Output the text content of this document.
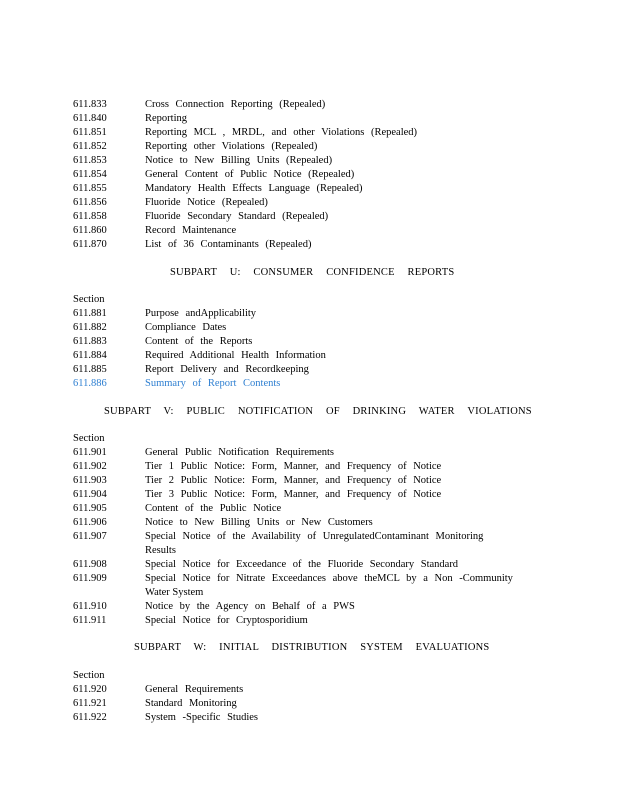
611.833	Cross Connection Reporting (Repealed)
611.840	Reporting
611.851	Reporting MCL , MRDL, and other Violations (Repealed)
611.852	Reporting other Violations (Repealed)
611.853	Notice to New Billing Units (Repealed)
611.854	General Content of Public Notice (Repealed)
611.855	Mandatory Health Effects Language (Repealed)
611.856	Fluoride Notice (Repealed)
611.858	Fluoride Secondary Standard (Repealed)
611.860	Record Maintenance
611.870	List of 36 Contaminants (Repealed)
SUBPART U: CONSUMER CONFIDENCE REPORTS
Section
611.881	Purpose andApplicability
611.882	Compliance Dates
611.883	Content of the Reports
611.884	Required Additional Health Information
611.885	Report Delivery and Recordkeeping
611.886	Summary of Report Contents
SUBPART V: PUBLIC NOTIFICATION OF DRINKING WATER VIOLATIONS
Section
611.901	General Public Notification Requirements
611.902	Tier 1 Public Notice: Form, Manner, and Frequency of Notice
611.903	Tier 2 Public Notice: Form, Manner, and Frequency of Notice
611.904	Tier 3 Public Notice: Form, Manner, and Frequency of Notice
611.905	Content of the Public Notice
611.906	Notice to New Billing Units or New Customers
611.907	Special Notice of the Availability of UnregulatedContaminant Monitoring
Results
611.908	Special Notice for Exceedance of the Fluoride Secondary Standard
611.909	Special Notice for Nitrate Exceedances above theMCL by a Non -Community
Water System
611.910	Notice by the Agency on Behalf of a PWS
611.911	Special Notice for Cryptosporidium
SUBPART W: INITIAL DISTRIBUTION SYSTEM EVALUATIONS
Section
611.920	General Requirements
611.921	Standard Monitoring
611.922	System -Specific Studies
